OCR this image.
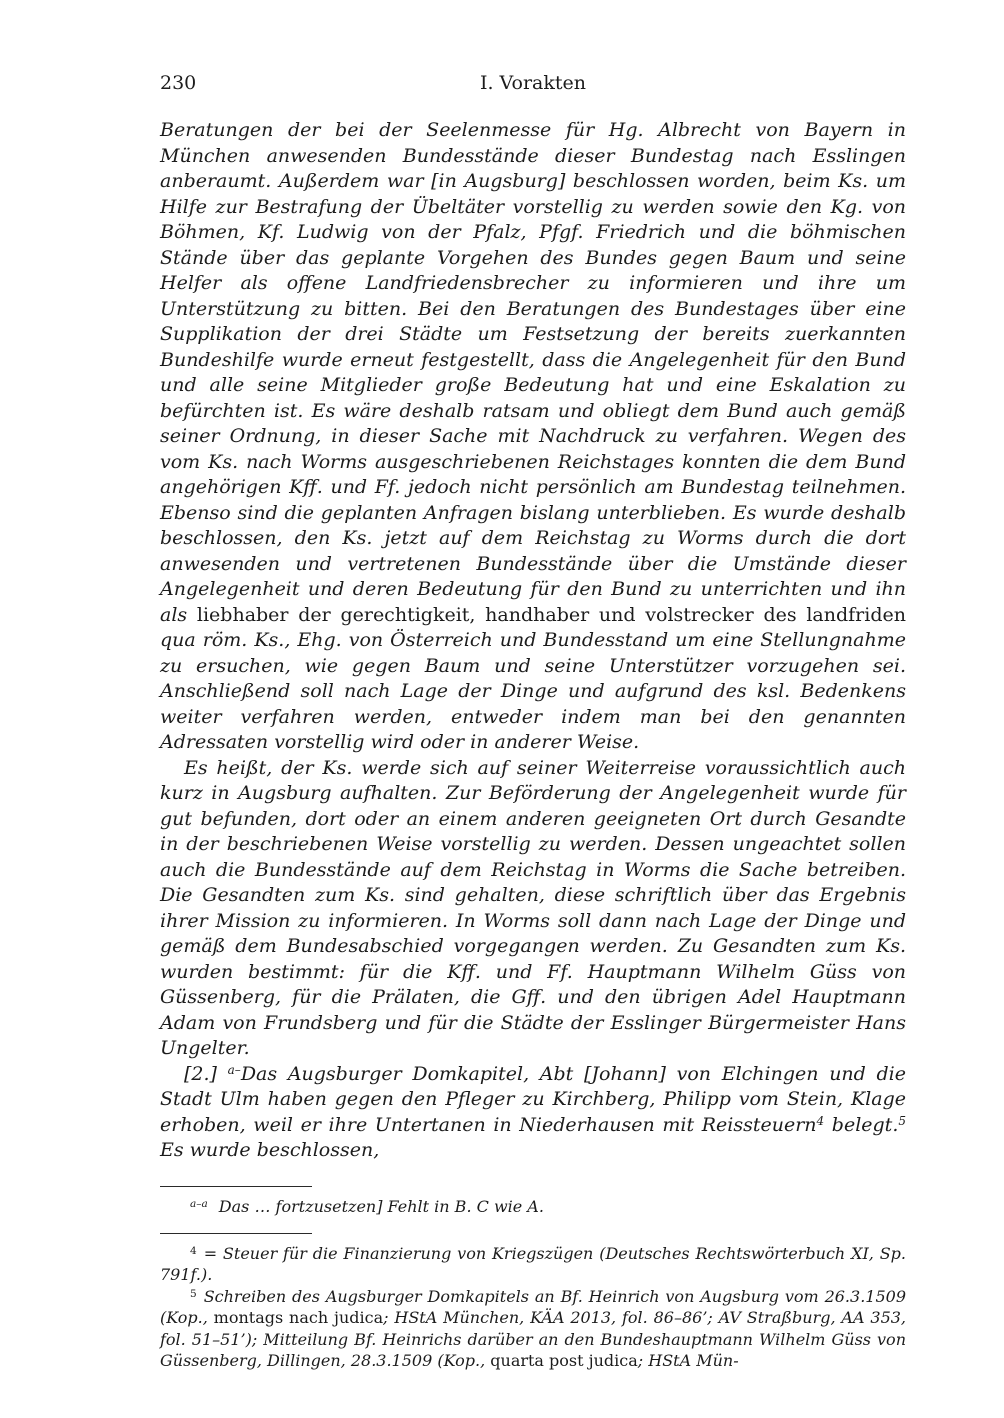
230	I. Vorakten

Beratungen der bei der Seelenmesse für Hg. Albrecht von Bayern in München anwesenden Bundesstände dieser Bundestag nach Esslingen anberaumt. Außerdem war [in Augsburg] beschlossen worden, beim Ks. um Hilfe zur Bestrafung der Übeltäter vorstellig zu werden sowie den Kg. von Böhmen, Kf. Ludwig von der Pfalz, Pfgf. Friedrich und die böhmischen Stände über das geplante Vorgehen des Bundes gegen Baum und seine Helfer als offene Landfriedensbrecher zu informieren und ihre um Unterstützung zu bitten. Bei den Beratungen des Bundestages über eine Supplikation der drei Städte um Festsetzung der bereits zuerkannten Bundeshilfe wurde erneut festgestellt, dass die Angelegenheit für den Bund und alle seine Mitglieder große Bedeutung hat und eine Eskalation zu befürchten ist. Es wäre deshalb ratsam und obliegt dem Bund auch gemäß seiner Ordnung, in dieser Sache mit Nachdruck zu verfahren. Wegen des vom Ks. nach Worms ausgeschriebenen Reichstages konnten die dem Bund angehörigen Kff. und Ff. jedoch nicht persönlich am Bundestag teilnehmen. Ebenso sind die geplanten Anfragen bislang unterblieben. Es wurde deshalb beschlossen, den Ks. jetzt auf dem Reichstag zu Worms durch die dort anwesenden und vertretenen Bundesstände über die Umstände dieser Angelegenheit und deren Bedeutung für den Bund zu unterrichten und ihn als liebhaber der gerechtigkeit, handhaber und volstrecker des landfriden qua röm. Ks., Ehg. von Österreich und Bundesstand um eine Stellungnahme zu ersuchen, wie gegen Baum und seine Unterstützer vorzugehen sei. Anschließend soll nach Lage der Dinge und aufgrund des ksl. Bedenkens weiter verfahren werden, entweder indem man bei den genannten Adressaten vorstellig wird oder in anderer Weise.

Es heißt, der Ks. werde sich auf seiner Weiterreise voraussichtlich auch kurz in Augsburg aufhalten. Zur Beförderung der Angelegenheit wurde für gut befunden, dort oder an einem anderen geeigneten Ort durch Gesandte in der beschriebenen Weise vorstellig zu werden. Dessen ungeachtet sollen auch die Bundesstände auf dem Reichstag in Worms die Sache betreiben. Die Gesandten zum Ks. sind gehalten, diese schriftlich über das Ergebnis ihrer Mission zu informieren. In Worms soll dann nach Lage der Dinge und gemäß dem Bundesabschied vorgegangen werden. Zu Gesandten zum Ks. wurden bestimmt: für die Kff. und Ff. Hauptmann Wilhelm Güss von Güssenberg, für die Prälaten, die Gff. und den übrigen Adel Hauptmann Adam von Frundsberg und für die Städte der Esslinger Bürgermeister Hans Ungelter.

[2.] $^{a-}$Das Augsburger Domkapitel, Abt [Johann] von Elchingen und die Stadt Ulm haben gegen den Pfleger zu Kirchberg, Philipp vom Stein, Klage erhoben, weil er ihre Untertanen in Niederhausen mit Reissteuern$^4$ belegt.$^5$ Es wurde beschlossen,

$^{a-a}$ Das … fortzusetzen] Fehlt in B. C wie A.

$^4$ = Steuer für die Finanzierung von Kriegszügen (Deutsches Rechtswörterbuch XI, Sp. 791f.).

$^5$ Schreiben des Augsburger Domkapitels an Bf. Heinrich von Augsburg vom 26.3.1509 (Kop., montags nach judica; HStA München, KÄA 2013, fol. 86–86’; AV Straßburg, AA 353, fol. 51–51’); Mitteilung Bf. Heinrichs darüber an den Bundeshauptmann Wilhelm Güss von Güssenberg, Dillingen, 28.3.1509 (Kop., quarta post judica; HStA Mün-
